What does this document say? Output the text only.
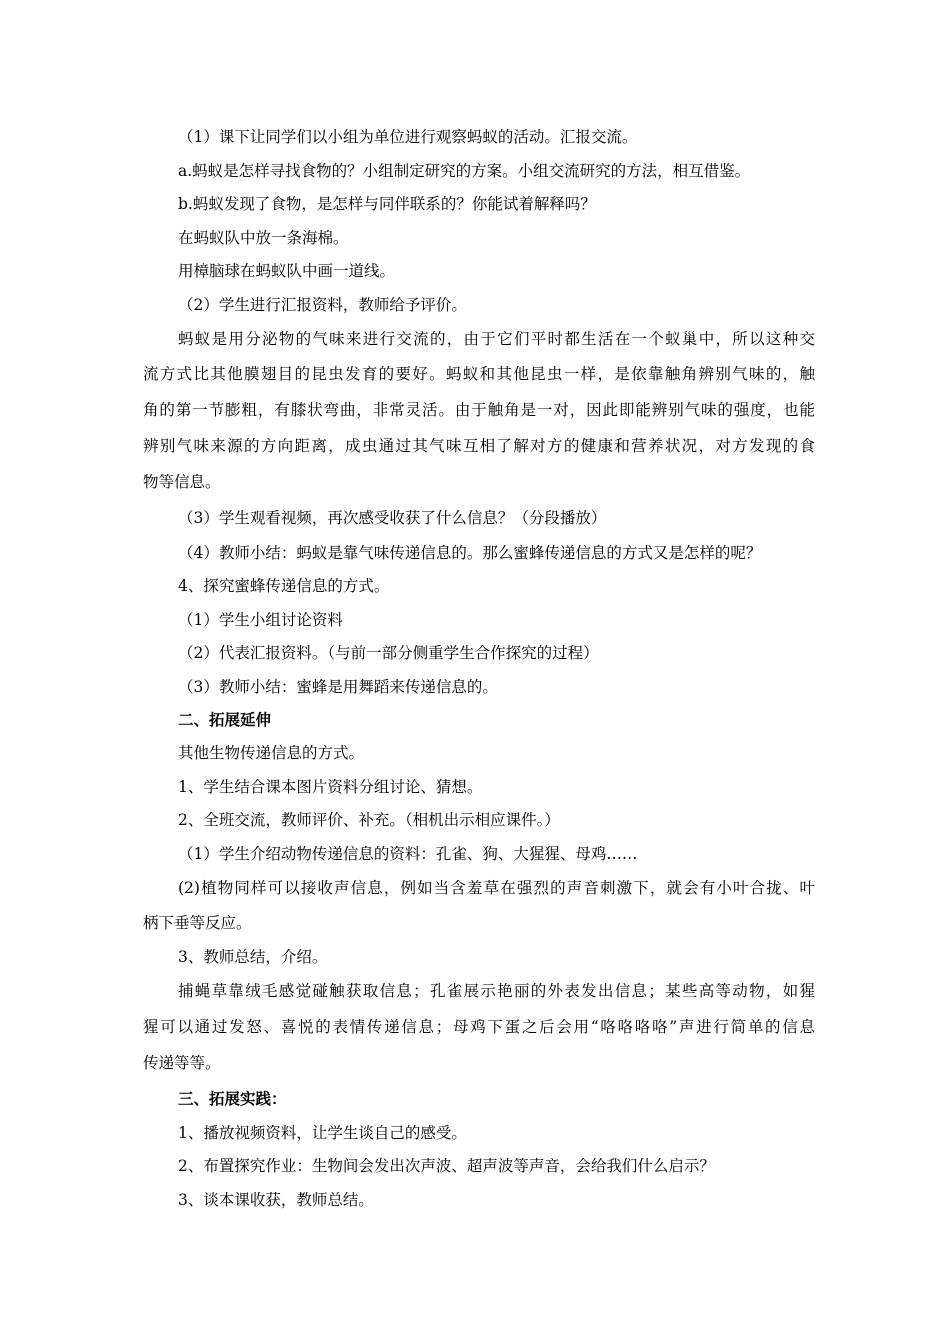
（1）课下让同学们以小组为单位进行观察蚂蚁的活动。汇报交流。
a.蚂蚁是怎样寻找食物的？小组制定研究的方案。小组交流研究的方法，相互借鉴。
b.蚂蚁发现了食物，是怎样与同伴联系的？你能试着解释吗？
在蚂蚁队中放一条海棉。
用樟脑球在蚂蚁队中画一道线。
（2）学生进行汇报资料，教师给予评价。
蚂蚁是用分泌物的气味来进行交流的，由于它们平时都生活在一个蚁巢中，所以这种交
流方式比其他膜翅目的昆虫发育的要好。蚂蚁和其他昆虫一样，是依靠触角辨别气味的，触
角的第一节膨粗，有膝状弯曲，非常灵活。由于触角是一对，因此即能辨别气味的强度，也能
辨别气味来源的方向距离，成虫通过其气味互相了解对方的健康和营养状况，对方发现的食
物等信息。
（3）学生观看视频，再次感受收获了什么信息？（分段播放）
（4）教师小结：蚂蚁是靠气味传递信息的。那么蜜蜂传递信息的方式又是怎样的呢？
4、探究蜜蜂传递信息的方式。
（1）学生小组讨论资料
（2）代表汇报资料。（与前一部分侧重学生合作探究的过程）
（3）教师小结：蜜蜂是用舞蹈来传递信息的。
二、拓展延伸
其他生物传递信息的方式。
1、学生结合课本图片资料分组讨论、猜想。
2、全班交流，教师评价、补充。（相机出示相应课件。）
（1）学生介绍动物传递信息的资料：孔雀、狗、大猩猩、母鸡……
(2)植物同样可以接收声信息，例如当含羞草在强烈的声音刺激下，就会有小叶合拢、叶
柄下垂等反应。
3、教师总结，介绍。
捕蝇草靠绒毛感觉碰触获取信息；孔雀展示艳丽的外表发出信息；某些高等动物，如猩
猩可以通过发怒、喜悦的表情传递信息；母鸡下蛋之后会用“咯咯咯咯”声进行简单的信息
传递等等。
三、拓展实践：
1、播放视频资料，让学生谈自己的感受。
2、布置探究作业：生物间会发出次声波、超声波等声音，会给我们什么启示？
3、谈本课收获，教师总结。
